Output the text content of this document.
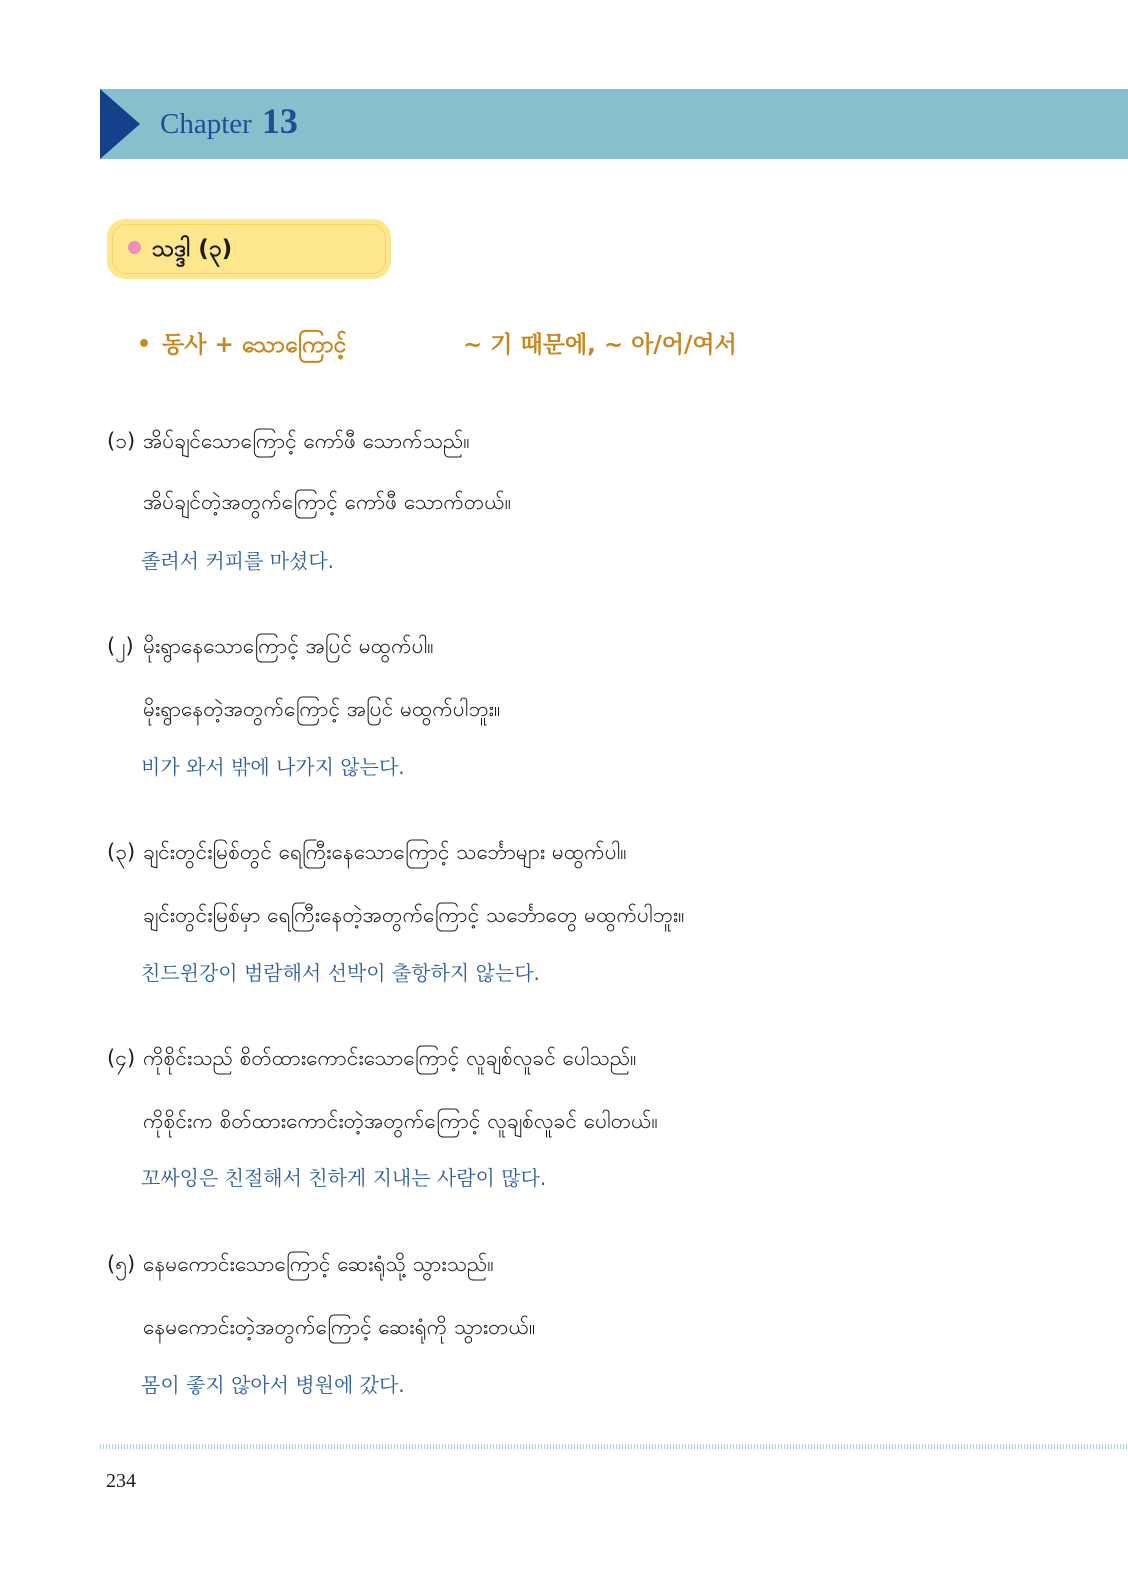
Chapter 13
သဒ္ဒါ (၃)
• 동사 + သောကြောင့်	~ 기 때문에, ~ 아/어/여서
(၁) အိပ်ချင်သောကြောင့် ကော်ဖီ သောက်သည်။
အိပ်ချင်တဲ့အတွက်ကြောင့် ကော်ဖီ သောက်တယ်။
졸려서 커피를 마셨다.
(၂) မိုးရွာနေသောကြောင့် အပြင် မထွက်ပါ။
မိုးရွာနေတဲ့အတွက်ကြောင့် အပြင် မထွက်ပါဘူး။
비가 와서 밖에 나가지 않는다.
(၃) ချင်းတွင်းမြစ်တွင် ရေကြီးနေသောကြောင့် သင်္ဘောများ မထွက်ပါ။
ချင်းတွင်းမြစ်မှာ ရေကြီးနေတဲ့အတွက်ကြောင့် သင်္ဘောတွေ မထွက်ပါဘူး။
친드윈강이 범람해서 선박이 출항하지 않는다.
(၄) ကိုစိုင်းသည် စိတ်ထားကောင်းသောကြောင့် လူချစ်လူခင် ပေါသည်။
ကိုစိုင်းက စိတ်ထားကောင်းတဲ့အတွက်ကြောင့် လူချစ်လူခင် ပေါတယ်။
꼬싸잉은 친절해서 친하게 지내는 사람이 많다.
(၅) နေမကောင်းသောကြောင့် ဆေးရုံသို့ သွားသည်။
နေမကောင်းတဲ့အတွက်ကြောင့် ဆေးရုံကို သွားတယ်။
몸이 좋지 않아서 병원에 갔다.
234
